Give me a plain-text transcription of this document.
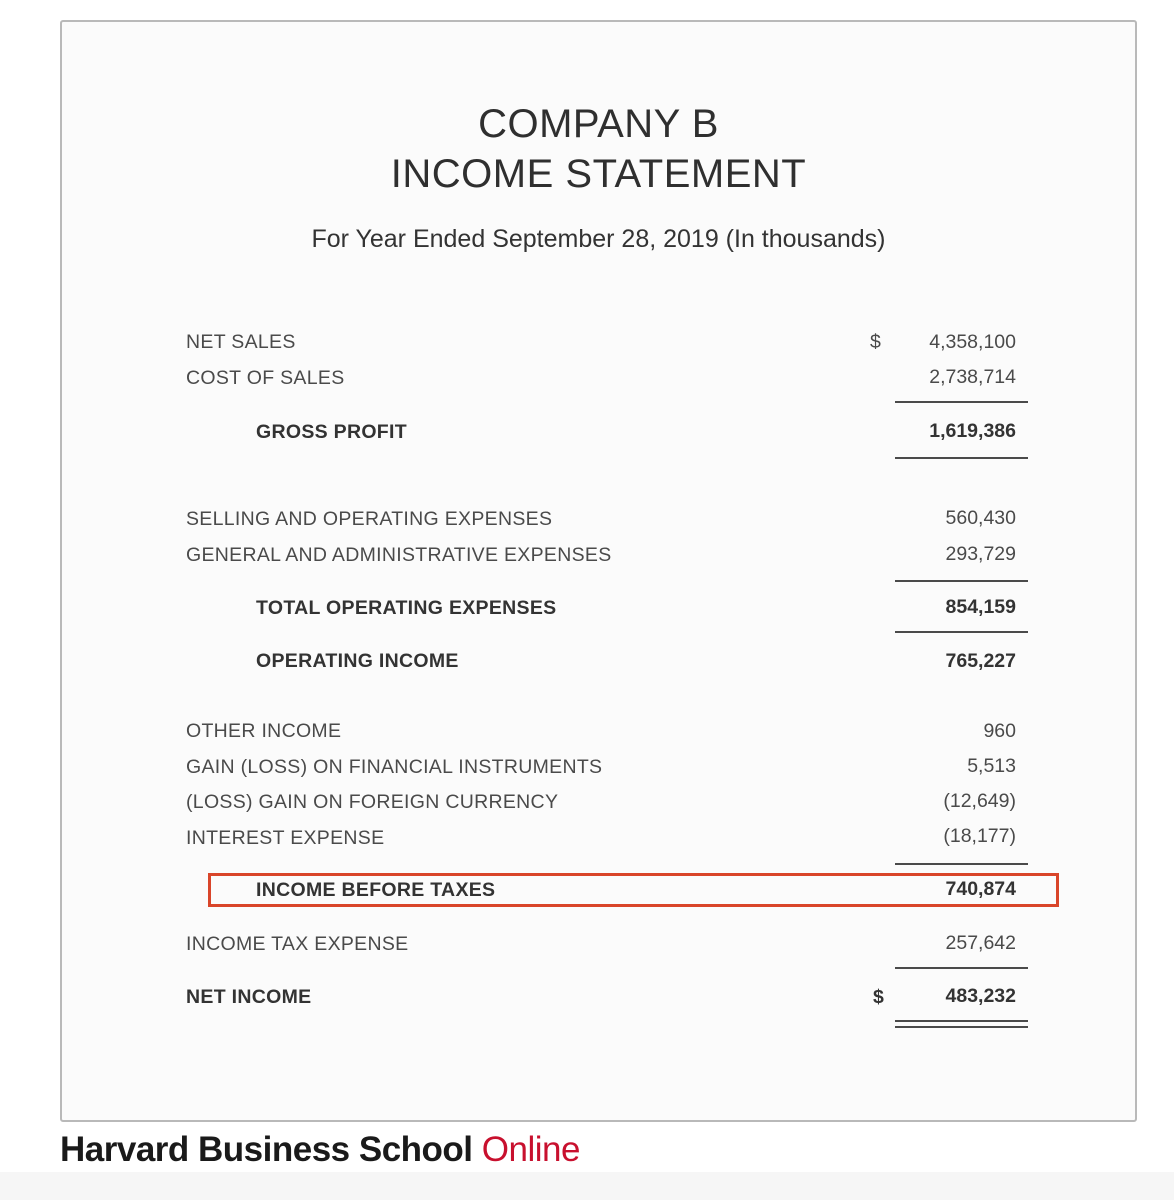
COMPANY B
INCOME STATEMENT
For Year Ended September 28, 2019 (In thousands)
NET SALES	$ 4,358,100
COST OF SALES	2,738,714
GROSS PROFIT	1,619,386
SELLING AND OPERATING EXPENSES	560,430
GENERAL AND ADMINISTRATIVE EXPENSES	293,729
TOTAL OPERATING EXPENSES	854,159
OPERATING INCOME	765,227
OTHER INCOME	960
GAIN (LOSS) ON FINANCIAL INSTRUMENTS	5,513
(LOSS) GAIN ON FOREIGN CURRENCY	(12,649)
INTEREST EXPENSE	(18,177)
INCOME BEFORE TAXES	740,874
INCOME TAX EXPENSE	257,642
NET INCOME	$	483,232
Harvard Business School Online
